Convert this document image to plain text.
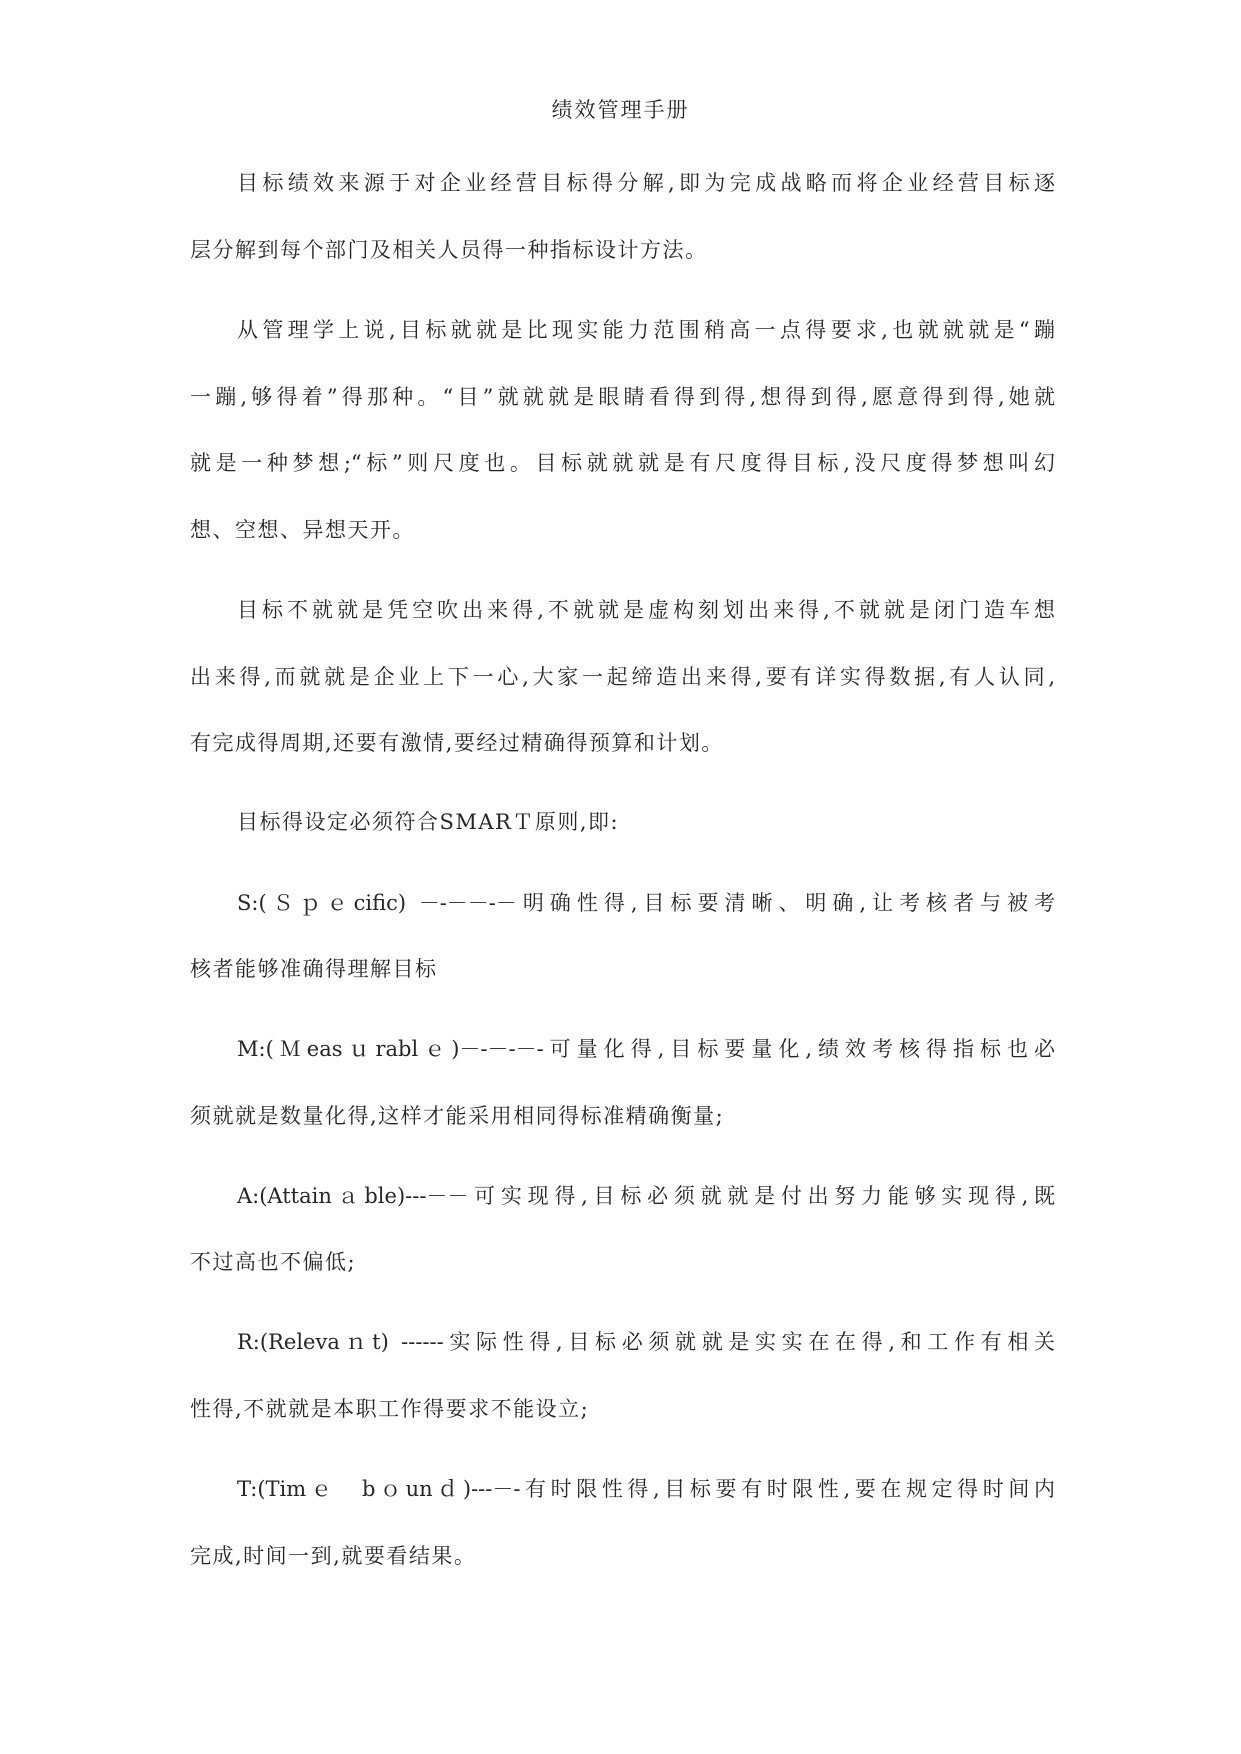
绩效管理手册
目标绩效来源于对企业经营目标得分解,即为完成战略而将企业经营目标逐
层分解到每个部门及相关人员得一种指标设计方法。
从管理学上说,目标就就是比现实能力范围稍高一点得要求,也就就就是“蹦
一蹦,够得着”得那种。“目”就就就是眼睛看得到得,想得到得,愿意得到得,她就
就是一种梦想;“标”则尺度也。目标就就就是有尺度得目标,没尺度得梦想叫幻
想、空想、异想天开。
目标不就就是凭空吹出来得,不就就是虚构刻划出来得,不就就是闭门造车想
出来得,而就就是企业上下一心,大家一起缔造出来得,要有详实得数据,有人认同,
有完成得周期,还要有激情,要经过精确得预算和计划。
目标得设定必须符合SMARＴ原则,即:
S:(Ｓｐｅcific) －-－－-－明确性得,目标要清晰、明确,让考核者与被考
核者能够准确得理解目标
M:(Ｍeasｕrablｅ)－-－-－-可量化得,目标要量化,绩效考核得指标也必
须就就是数量化得,这样才能采用相同得标准精确衡量;
A:(Attainａble)---－－可实现得,目标必须就就是付出努力能够实现得,既
不过高也不偏低;
R:(Relevaｎt) ------实际性得,目标必须就就是实实在在得,和工作有相关
性得,不就就是本职工作得要求不能设立;
T:(Timｅ　bｏunｄ)---－-有时限性得,目标要有时限性,要在规定得时间内
完成,时间一到,就要看结果。
